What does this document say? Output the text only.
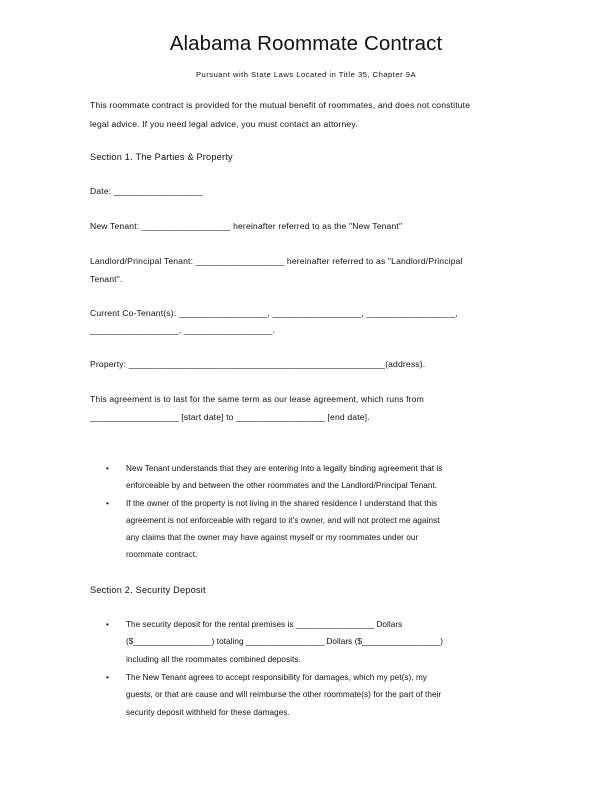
Alabama Roommate Contract
Pursuant with State Laws Located in Title 35, Chapter 9A
This roommate contract is provided for the mutual benefit of roommates, and does not constitute
legal advice. If you need legal advice, you must contact an attorney.
Section 1. The Parties & Property
Date: __________________
New Tenant: __________________ hereinafter referred to as the "New Tenant"
Landlord/Principal Tenant: __________________ hereinafter referred to as "Landlord/Principal
Tenant".
Current Co-Tenant(s): __________________, __________________, __________________,
__________________, __________________.
Property: ____________________________________________________(address).
This agreement is to last for the same term as our lease agreement, which runs from
__________________ [start date] to __________________ [end date].
• New Tenant understands that they are entering into a legally binding agreement that is
enforceable by and between the other roommates and the Landlord/Principal Tenant.
• If the owner of the property is not living in the shared residence I understand that this
agreement is not enforceable with regard to it's owner, and will not protect me against
any claims that the owner may have against myself or my roommates under our
roommate contract.
Section 2. Security Deposit
• The security deposit for the rental premises is _________________ Dollars
($_________________) totaling _________________ Dollars ($_________________)
including all the roommates combined deposits.
• The New Tenant agrees to accept responsibility for damages, which my pet(s), my
guests, or that are cause and will reimburse the other roommate(s) for the part of their
security deposit withheld for these damages.
